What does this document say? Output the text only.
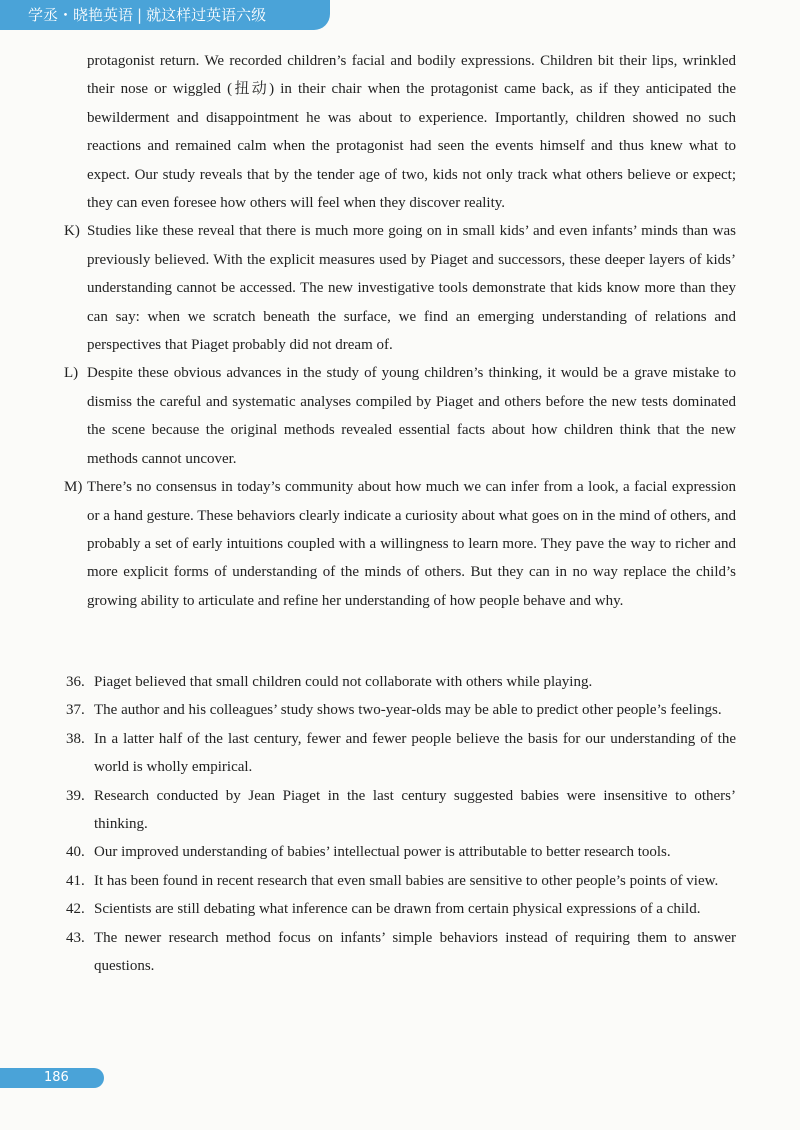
学丞・晓艳英语 | 就这样过英语六级

protagonist return. We recorded children’s facial and bodily expressions. Children bit their lips, wrinkled their nose or wiggled (扭动) in their chair when the protagonist came back, as if they anticipated the bewilderment and disappointment he was about to experience. Importantly, children showed no such reactions and remained calm when the protagonist had seen the events himself and thus knew what to expect. Our study reveals that by the tender age of two, kids not only track what others believe or expect; they can even foresee how others will feel when they discover reality.

K) Studies like these reveal that there is much more going on in small kids’ and even infants’ minds than was previously believed. With the explicit measures used by Piaget and successors, these deeper layers of kids’ understanding cannot be accessed. The new investigative tools demonstrate that kids know more than they can say: when we scratch beneath the surface, we find an emerging understanding of relations and perspectives that Piaget probably did not dream of.
L) Despite these obvious advances in the study of young children’s thinking, it would be a grave mistake to dismiss the careful and systematic analyses compiled by Piaget and others before the new tests dominated the scene because the original methods revealed essential facts about how children think that the new methods cannot uncover.
M) There’s no consensus in today’s community about how much we can infer from a look, a facial expression or a hand gesture. These behaviors clearly indicate a curiosity about what goes on in the mind of others, and probably a set of early intuitions coupled with a willingness to learn more. They pave the way to richer and more explicit forms of understanding of the minds of others. But they can in no way replace the child’s growing ability to articulate and refine her understanding of how people behave and why.
36. Piaget believed that small children could not collaborate with others while playing.
37. The author and his colleagues’ study shows two-year-olds may be able to predict other people’s feelings.
38. In a latter half of the last century, fewer and fewer people believe the basis for our understanding of the world is wholly empirical.
39. Research conducted by Jean Piaget in the last century suggested babies were insensitive to others’ thinking.
40. Our improved understanding of babies’ intellectual power is attributable to better research tools.
41. It has been found in recent research that even small babies are sensitive to other people’s points of view.
42. Scientists are still debating what inference can be drawn from certain physical expressions of a child.
43. The newer research method focus on infants’ simple behaviors instead of requiring them to answer questions.
186
